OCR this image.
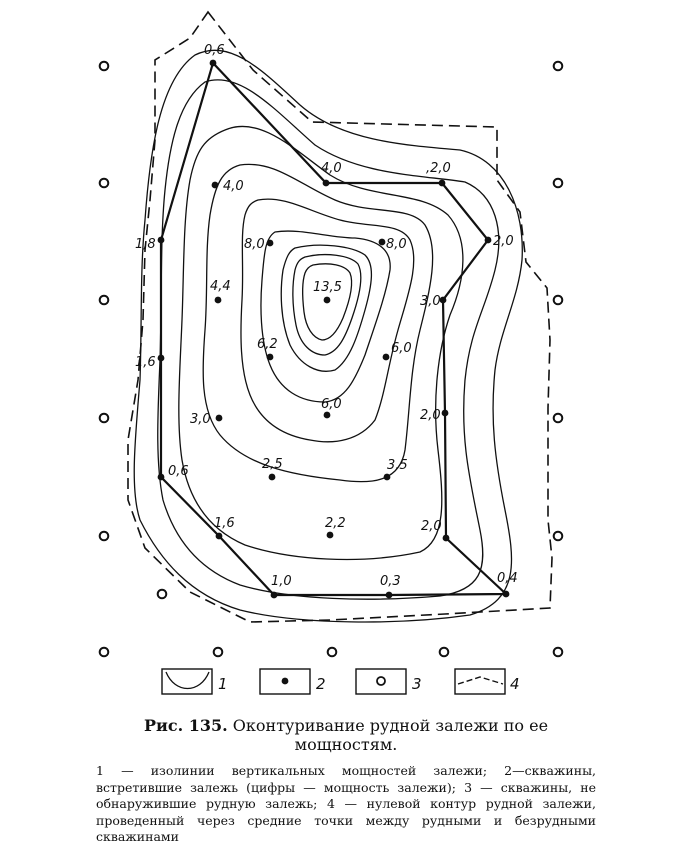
0,6
4,0
4,0
,2,0
1,8	8,0	8,0	2,0
4,4	13,5
3,0
1,6
6,2	6,0
3,0
6,0
2,0
0,6	2,5	3,5
1,6	2,2	2,0
1,0	0,3	0,4
1	2	3	4
Рис. 135. Оконтуривание рудной залежи по ее мощностям.
1 — изолинии вертикальных мощностей залежи; 2—скважины, встретившие залежь (цифры — мощность залежи); 3 — скважины, не обнаружившие рудную залежь; 4 — нулевой контур рудной залежи, проведенный через средние точки между рудными и безрудными скважинами
